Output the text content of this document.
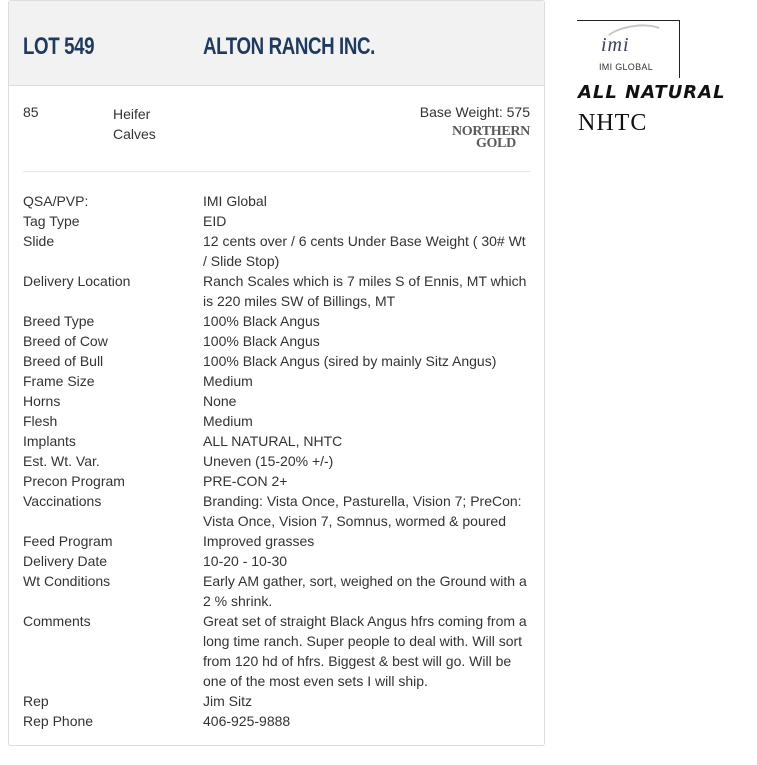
LOT 549	ALTON RANCH INC.
85	Heifer Calves
Base Weight: 575
NORTHERN
GOLD
QSA/PVP:	IMI Global
Tag Type	EID
Slide	12 cents over / 6 cents Under Base Weight ( 30# Wt / Slide Stop)
Delivery Location	Ranch Scales which is 7 miles S of Ennis, MT which is 220 miles SW of Billings, MT
Breed Type	100% Black Angus
Breed of Cow	100% Black Angus
Breed of Bull	100% Black Angus (sired by mainly Sitz Angus)
Frame Size	Medium
Horns	None
Flesh	Medium
Implants	ALL NATURAL, NHTC
Est. Wt. Var.	Uneven (15-20% +/-)
Precon Program	PRE-CON 2+
Vaccinations	Branding: Vista Once, Pasturella, Vision 7; PreCon: Vista Once, Vision 7, Somnus, wormed & poured
Feed Program	Improved grasses
Delivery Date	10-20 - 10-30
Wt Conditions	Early AM gather, sort, weighed on the Ground with a 2 % shrink.
Comments	Great set of straight Black Angus hfrs coming from a long time ranch. Super people to deal with. Will sort from 120 hd of hfrs. Biggest & best will go. Will be one of the most even sets I will ship.
Rep	Jim Sitz
Rep Phone	406-925-9888
imi
IMI GLOBAL
ALL NATURAL
NHTC
